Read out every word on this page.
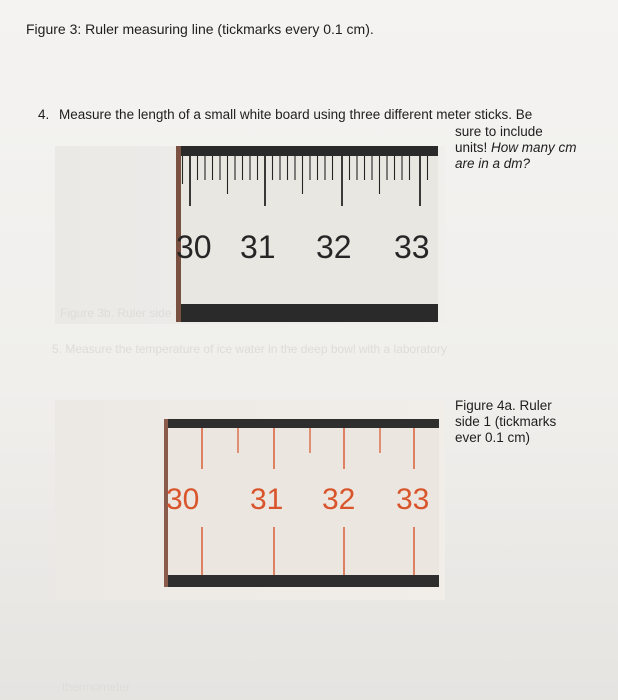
Figure 3: Ruler measuring line (tickmarks every 0.1 cm).
4. Measure the length of a small white board using three different meter sticks. Be
sure to include
units! How many cm
are in a dm?
30 31 32 33
Figure 3b. Ruler side
5. Measure the temperature of ice water in the deep bowl with a laboratory
Figure 4a. Ruler
side 1 (tickmarks
ever 0.1 cm)
30 31 32 33
thermometer
